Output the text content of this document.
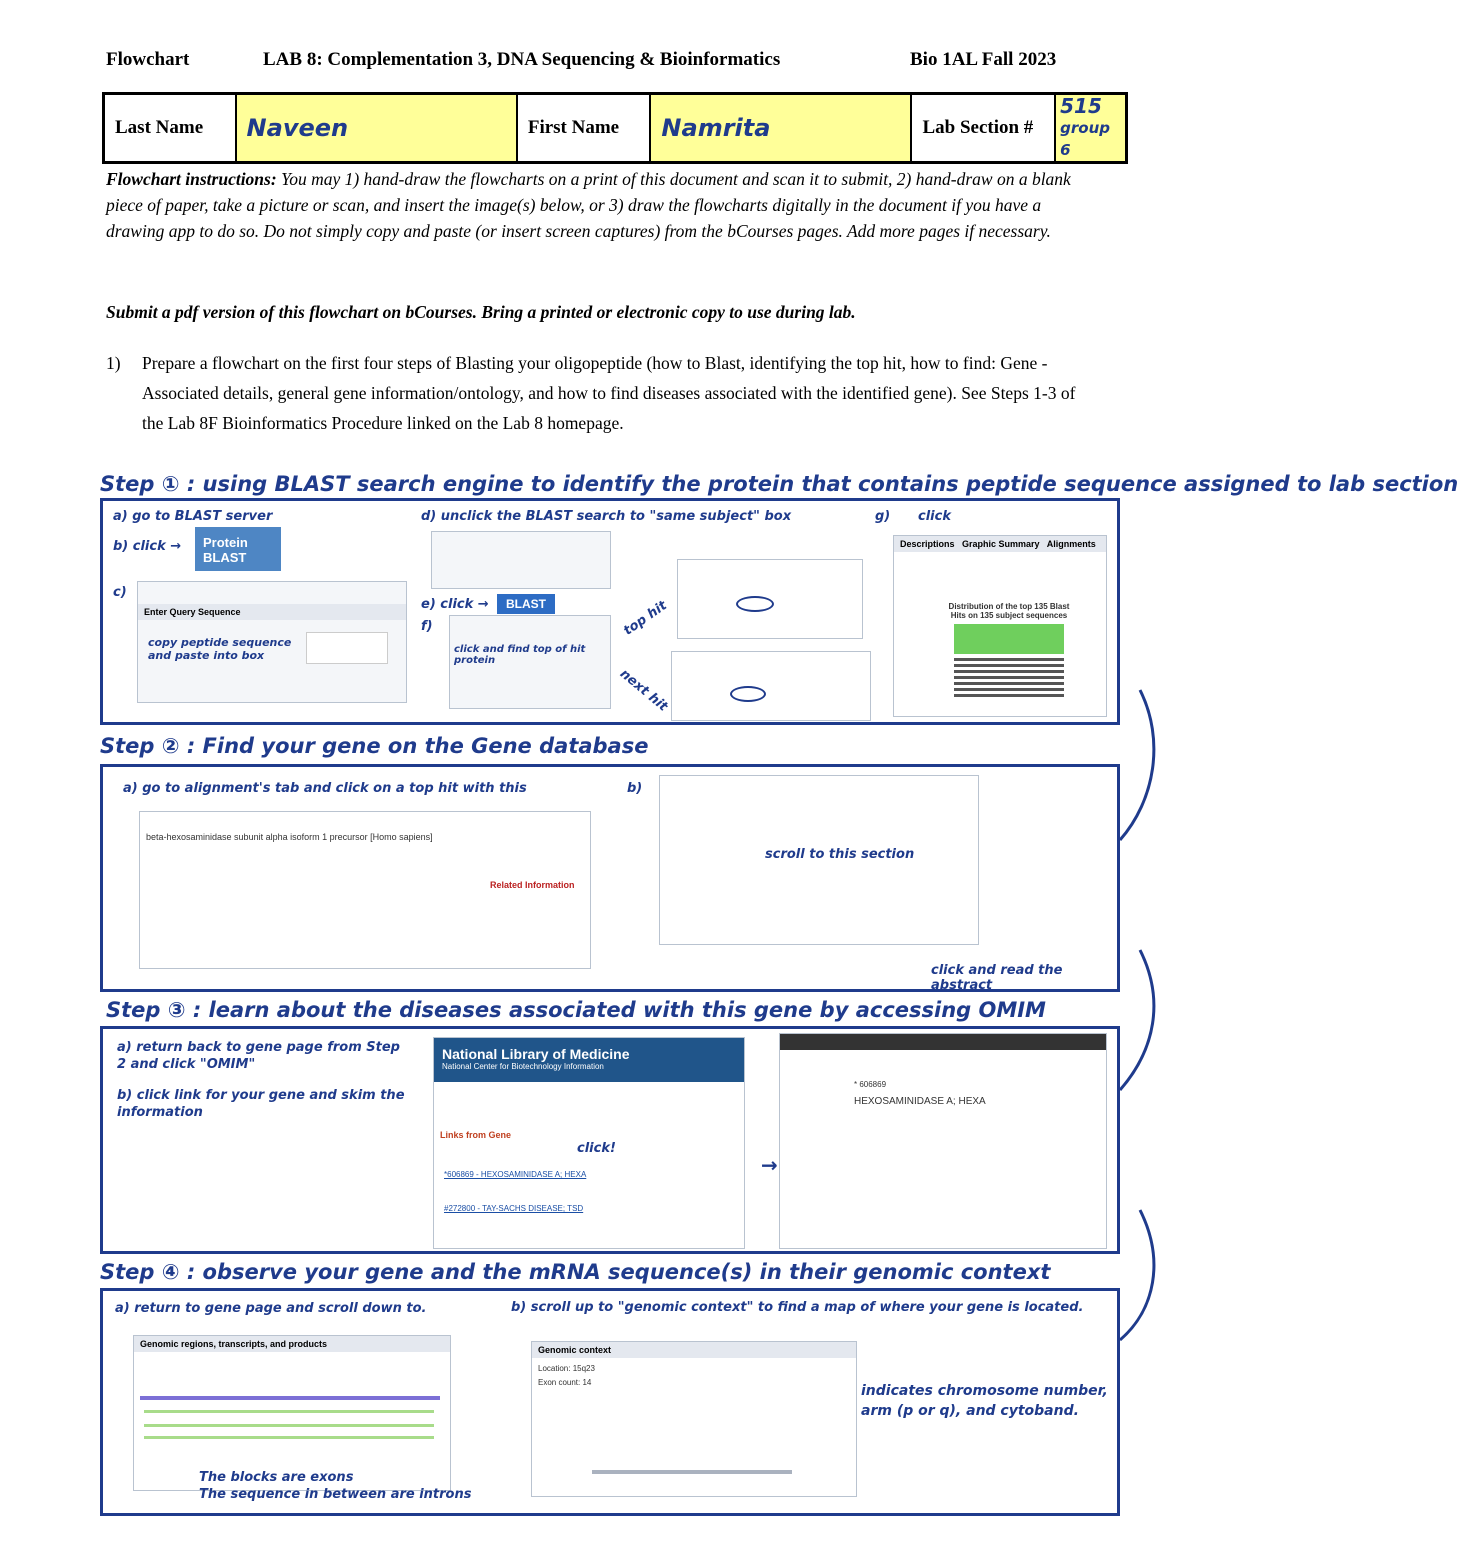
Flowchart	LAB 8: Complementation 3, DNA Sequencing & Bioinformatics	Bio 1AL Fall 2023
Last Name	Naveen	First Name	Namrita	Lab Section #	
515
group 6
Flowchart instructions: You may 1) hand-draw the flowcharts on a print of this document and scan it to submit, 2) hand-draw on a blank piece of paper, take a picture or scan, and insert the image(s) below, or 3) draw the flowcharts digitally in the document if you have a drawing app to do so. Do not simply copy and paste (or insert screen captures) from the bCourses pages. Add more pages if necessary.
Submit a pdf version of this flowchart on bCourses. Bring a printed or electronic copy to use during lab.
1) Prepare a flowchart on the first four steps of Blasting your oligopeptide (how to Blast, identifying the top hit, how to find: Gene - Associated details, general gene information/ontology, and how to find diseases associated with the identified gene). See Steps 1-3 of the Lab 8F Bioinformatics Procedure linked on the Lab 8 homepage.
Step ① : using BLAST search engine to identify the protein that contains peptide sequence assigned to lab section
a) go to BLAST server
b) click →	Protein BLAST
c)
Enter Query Sequence
copy peptide sequence and paste into box
d) unclick the BLAST search to "same subject" box
e) click →	BLAST
f)
click and find top of hit protein
top hit
next hit
g) click
Descriptions   Graphic Summary   Alignments
Distribution of the top 135 Blast Hits on 135 subject sequences
Step ② : Find your gene on the Gene database
a) go to alignment's tab and click on a top hit with this	b)
beta-hexosaminidase subunit alpha isoform 1 precursor [Homo sapiens]
Related Information
scroll to this section
click and read the abstract
Step ③ : learn about the diseases associated with this gene by accessing OMIM
a) return back to gene page from Step 2 and click "OMIM"
b) click link for your gene and skim the information
National Library of Medicine
National Center for Biotechnology Information
Links from Gene
*606869 - HEXOSAMINIDASE A; HEXA
#272800 - TAY-SACHS DISEASE; TSD
click!
→
* 606869
HEXOSAMINIDASE A; HEXA
Step ④ : observe your gene and the mRNA sequence(s) in their genomic context
a) return to gene page and scroll down to.	b) scroll up to "genomic context" to find a map of where your gene is located.
Genomic regions, transcripts, and products
The blocks are exons
The sequence in between are introns
Genomic context
Location: 15q23
Exon count: 14
indicates chromosome number, arm (p or q), and cytoband.
